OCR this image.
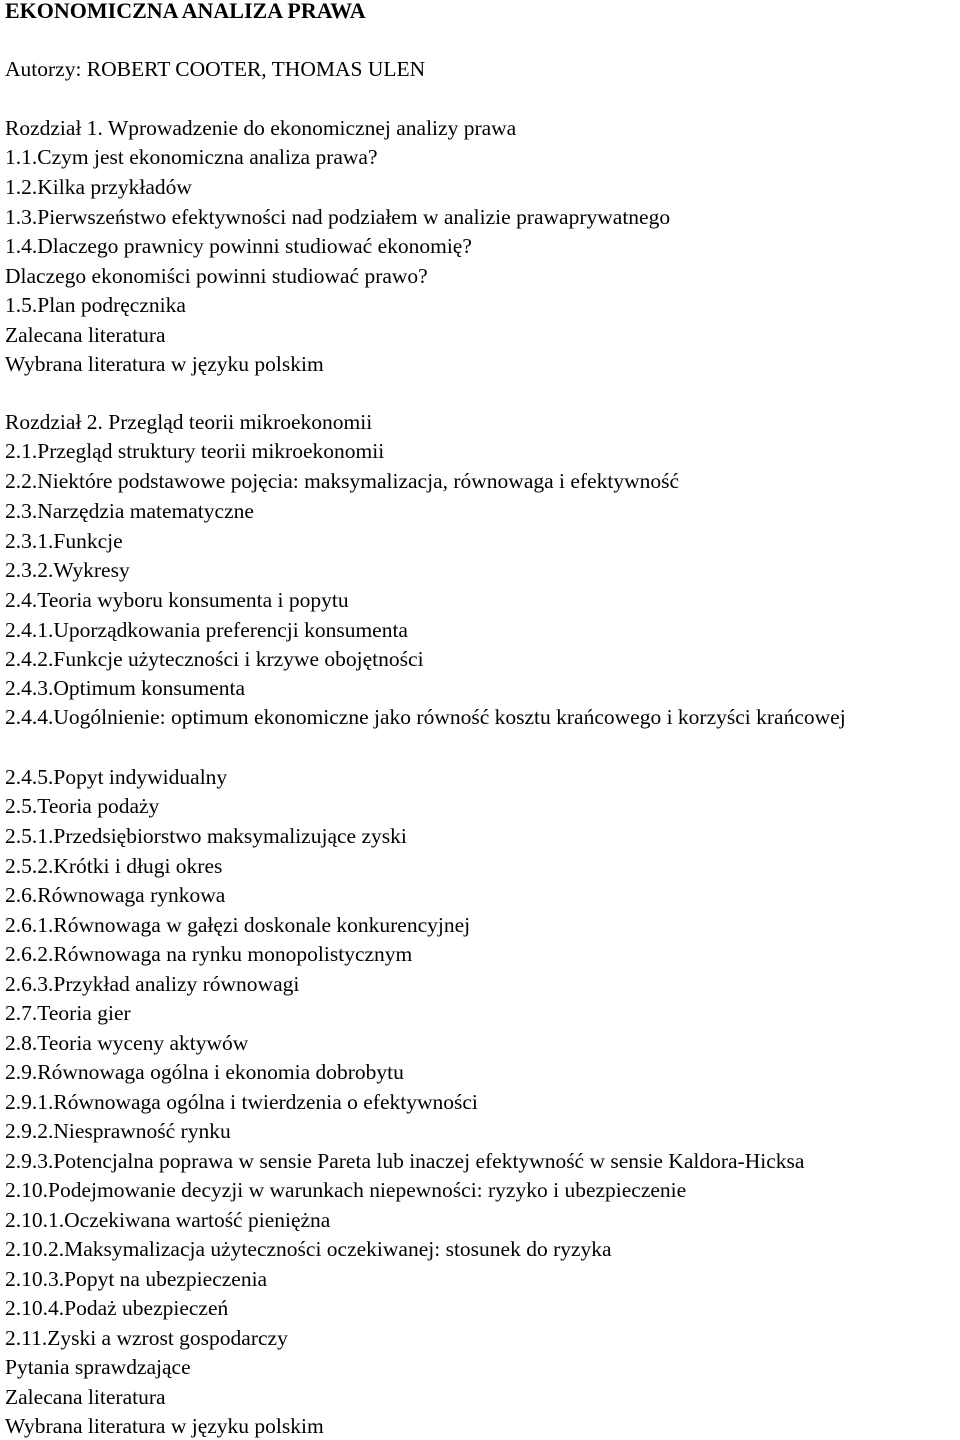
EKONOMICZNA ANALIZA PRAWA
Autorzy: ROBERT COOTER, THOMAS ULEN
Rozdział 1. Wprowadzenie do ekonomicznej analizy prawa
1.1.Czym jest ekonomiczna analiza prawa?
1.2.Kilka przykładów
1.3.Pierwszeństwo efektywności nad podziałem w analizie prawaprywatnego
1.4.Dlaczego prawnicy powinni studiować ekonomię?
Dlaczego ekonomiści powinni studiować prawo?
1.5.Plan podręcznika
Zalecana literatura
Wybrana literatura w języku polskim
Rozdział 2. Przegląd teorii mikroekonomii
2.1.Przegląd struktury teorii mikroekonomii
2.2.Niektóre podstawowe pojęcia: maksymalizacja, równowaga i efektywność
2.3.Narzędzia matematyczne
2.3.1.Funkcje
2.3.2.Wykresy
2.4.Teoria wyboru konsumenta i popytu
2.4.1.Uporządkowania preferencji konsumenta
2.4.2.Funkcje użyteczności i krzywe obojętności
2.4.3.Optimum konsumenta
2.4.4.Uogólnienie: optimum ekonomiczne jako równość kosztu krańcowego i korzyści krańcowej
2.4.5.Popyt indywidualny
2.5.Teoria podaży
2.5.1.Przedsiębiorstwo maksymalizujące zyski
2.5.2.Krótki i długi okres
2.6.Równowaga rynkowa
2.6.1.Równowaga w gałęzi doskonale konkurencyjnej
2.6.2.Równowaga na rynku monopolistycznym
2.6.3.Przykład analizy równowagi
2.7.Teoria gier
2.8.Teoria wyceny aktywów
2.9.Równowaga ogólna i ekonomia dobrobytu
2.9.1.Równowaga ogólna i twierdzenia o efektywności
2.9.2.Niesprawność rynku
2.9.3.Potencjalna poprawa w sensie Pareta lub inaczej efektywność w sensie Kaldora-Hicksa
2.10.Podejmowanie decyzji w warunkach niepewności: ryzyko i ubezpieczenie
2.10.1.Oczekiwana wartość pieniężna
2.10.2.Maksymalizacja użyteczności oczekiwanej: stosunek do ryzyka
2.10.3.Popyt na ubezpieczenia
2.10.4.Podaż ubezpieczeń
2.11.Zyski a wzrost gospodarczy
Pytania sprawdzające
Zalecana literatura
Wybrana literatura w języku polskim
